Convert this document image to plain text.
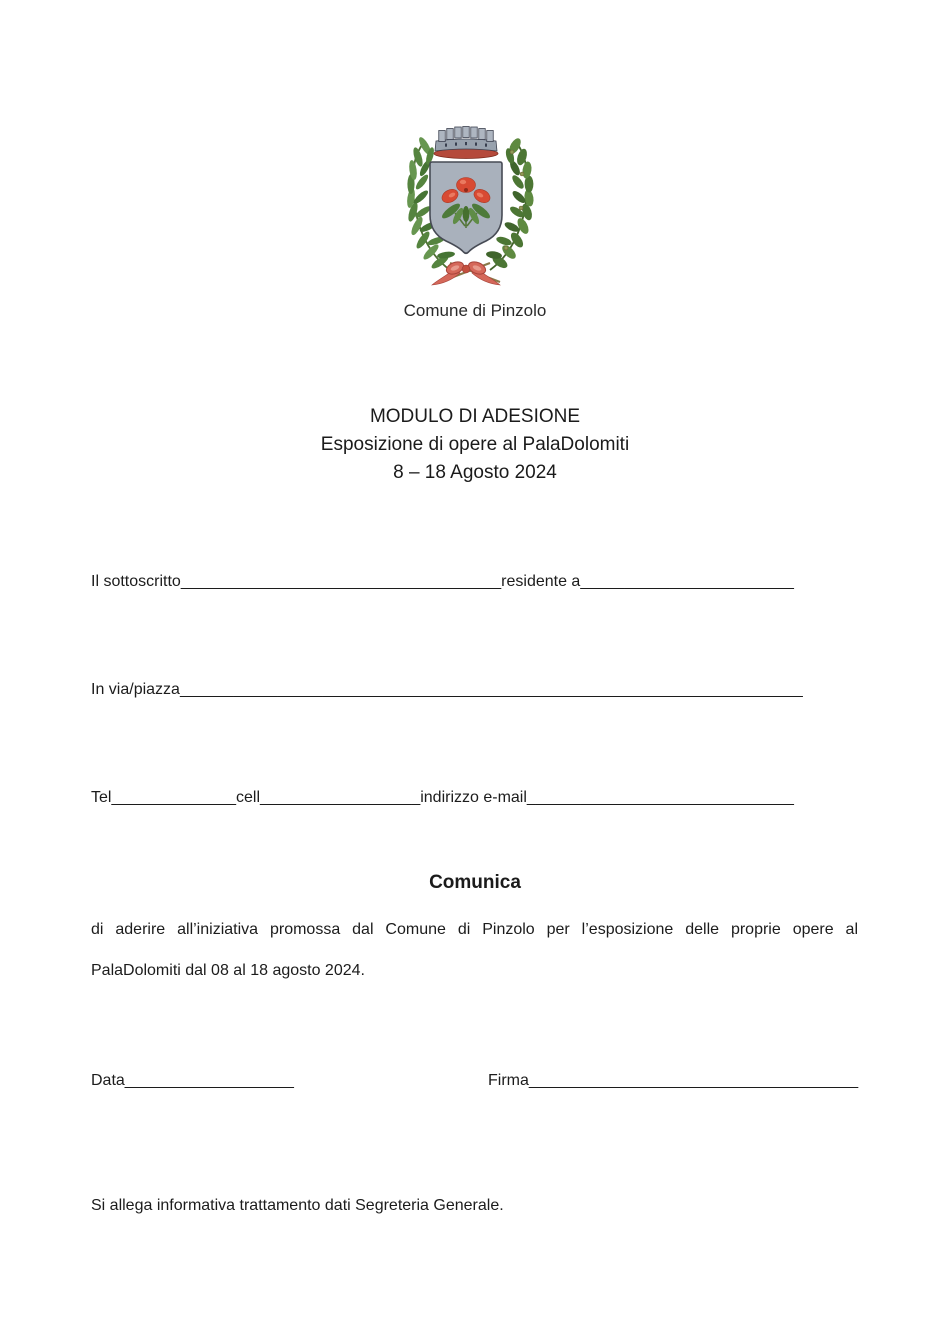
Comune di Pinzolo
MODULO DI ADESIONE
Esposizione di opere al PalaDolomiti
8 – 18 Agosto 2024
Il sottoscritto____________________________________residente a________________________
In via/piazza______________________________________________________________________
Tel______________cell__________________indirizzo e-mail______________________________
Comunica
di aderire all’iniziativa promossa dal Comune di Pinzolo per l’esposizione delle proprie opere al
PalaDolomiti dal 08 al 18 agosto 2024.
Data___________________	Firma_____________________________________
Si allega informativa trattamento dati Segreteria Generale.
